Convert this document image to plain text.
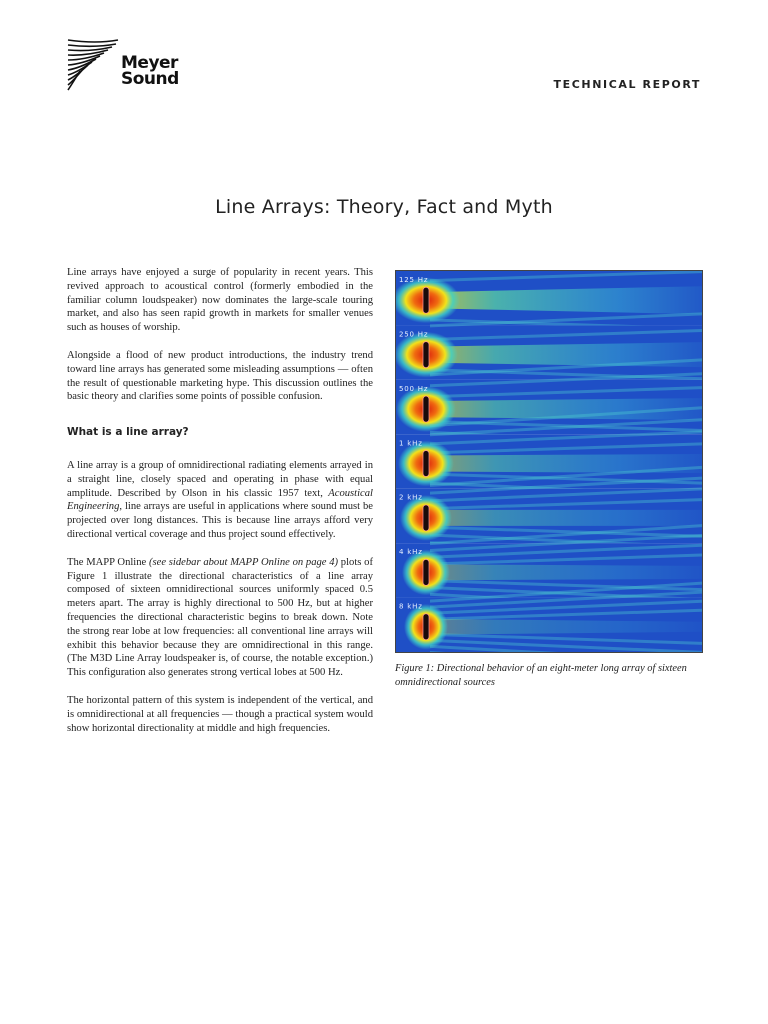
Meyer
Sound	TECHNICAL REPORT
Line Arrays: Theory, Fact and Myth

Line arrays have enjoyed a surge of popularity in recent years. This revived approach to acoustical control (formerly embodied in the familiar column loudspeaker) now dominates the large-scale touring market, and also has seen rapid growth in markets for smaller venues such as houses of worship.

Alongside a flood of new product introductions, the industry trend toward line arrays has generated some misleading assumptions — often the result of questionable marketing hype. This discussion outlines the basic theory and clarifies some points of possible confusion.

What is a line array?

A line array is a group of omnidirectional radiating elements arrayed in a straight line, closely spaced and operating in phase with equal amplitude. Described by Olson in his classic 1957 text, Acoustical Engineering, line arrays are useful in applications where sound must be projected over long distances. This is because line arrays afford very directional vertical coverage and thus project sound effectively.

The MAPP Online (see sidebar about MAPP Online on page 4) plots of Figure 1 illustrate the directional characteristics of a line array composed of sixteen omnidirectional sources uniformly spaced 0.5 meters apart. The array is highly directional to 500 Hz, but at higher frequencies the directional characteristic begins to break down. Note the strong rear lobe at low frequencies: all conventional line arrays will exhibit this behavior because they are omnidirectional in this range. (The M3D Line Array loudspeaker is, of course, the notable exception.) This configuration also generates strong vertical lobes at 500 Hz.

The horizontal pattern of this system is independent of the vertical, and is omnidirectional at all frequencies — though a practical system would show horizontal directionality at middle and high frequencies.

125 Hz
250 Hz
500 Hz
1 kHz
2 kHz
4 kHz
8 kHz
Figure 1: Directional behavior of an eight-meter long array of sixteen omnidirectional sources
